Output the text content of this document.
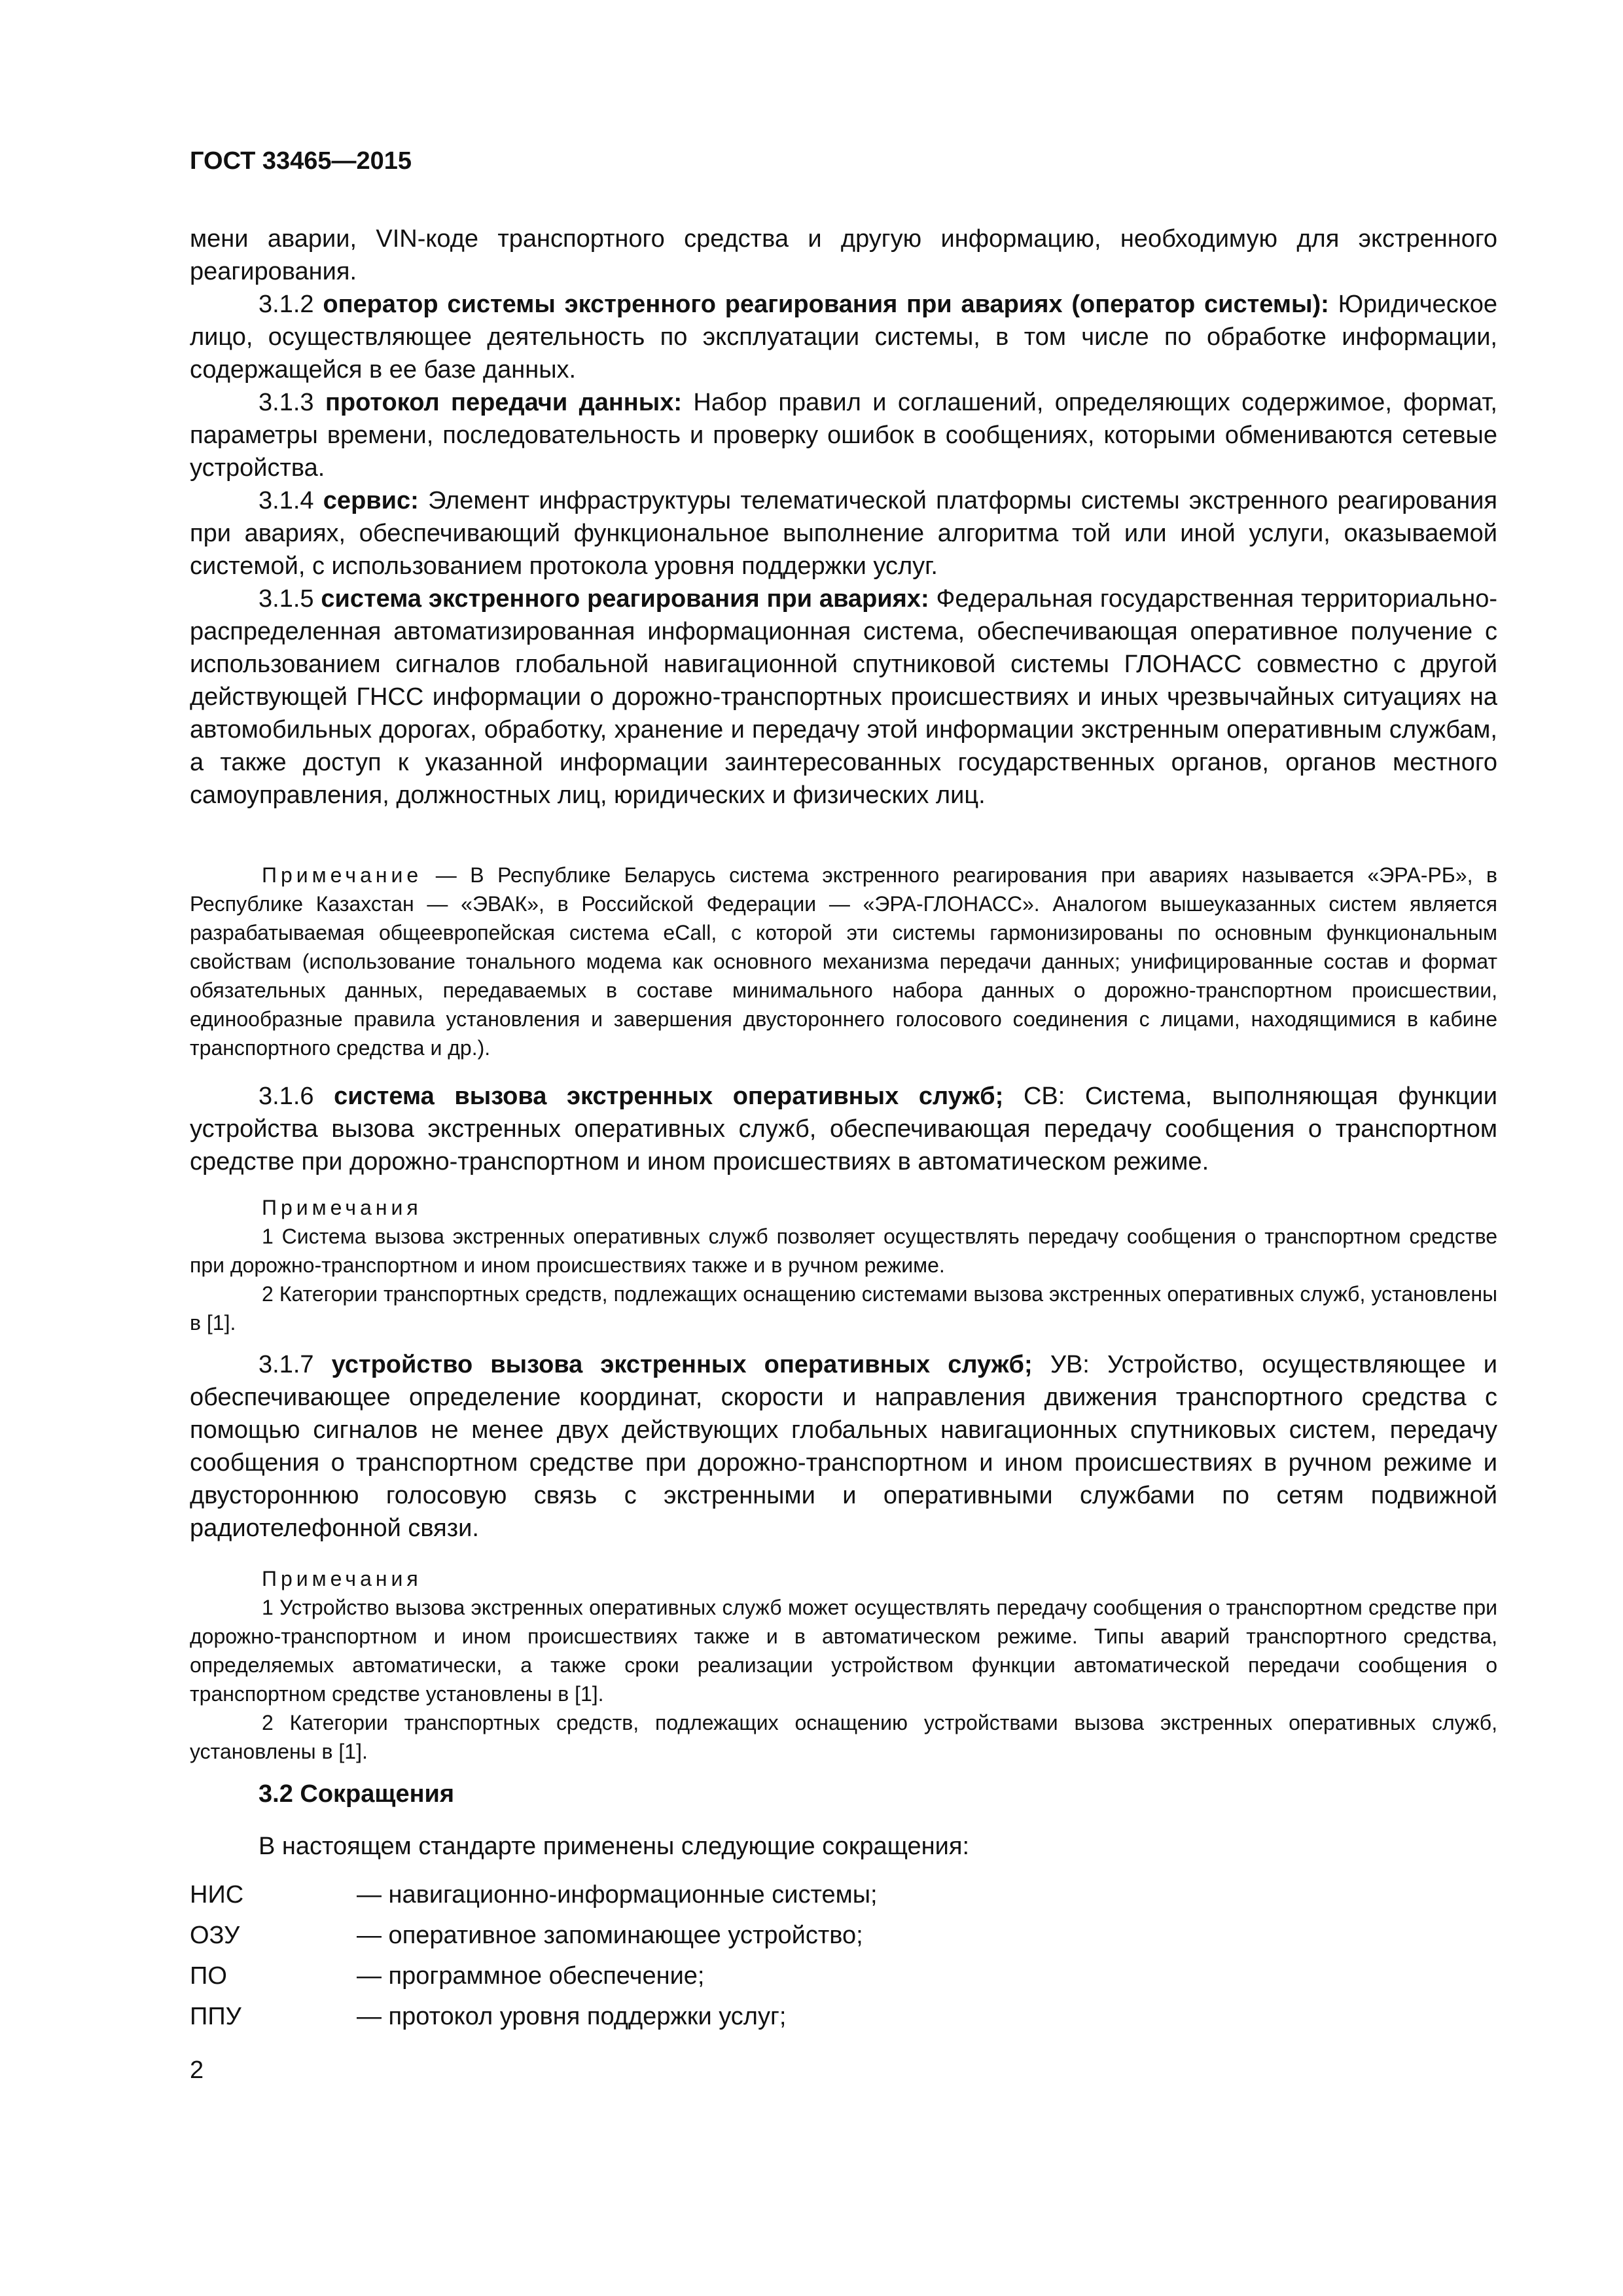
ГОСТ 33465—2015

мени аварии, VIN-коде транспортного средства и другую информацию, необходимую для экстренного реагирования.

3.1.2 оператор системы экстренного реагирования при авариях (оператор системы): Юридическое лицо, осуществляющее деятельность по эксплуатации системы, в том числе по обработке информации, содержащейся в ее базе данных.

3.1.3 протокол передачи данных: Набор правил и соглашений, определяющих содержимое, формат, параметры времени, последовательность и проверку ошибок в сообщениях, которыми обмениваются сетевые устройства.

3.1.4 сервис: Элемент инфраструктуры телематической платформы системы экстренного реагирования при авариях, обеспечивающий функциональное выполнение алгоритма той или иной услуги, оказываемой системой, с использованием протокола уровня поддержки услуг.

3.1.5 система экстренного реагирования при авариях: Федеральная государственная территориально-распределенная автоматизированная информационная система, обеспечивающая оперативное получение с использованием сигналов глобальной навигационной спутниковой системы ГЛОНАСС совместно с другой действующей ГНСС информации о дорожно-транспортных происшествиях и иных чрезвычайных ситуациях на автомобильных дорогах, обработку, хранение и передачу этой информации экстренным оперативным службам, а также доступ к указанной информации заинтересованных государственных органов, органов местного самоуправления, должностных лиц, юридических и физических лиц.

Примечание — В Республике Беларусь система экстренного реагирования при авариях называется «ЭРА-РБ», в Республике Казахстан — «ЭВАК», в Российской Федерации — «ЭРА-ГЛОНАСС». Аналогом вышеуказанных систем является разрабатываемая общеевропейская система eCall, с которой эти системы гармонизированы по основным функциональным свойствам (использование тонального модема как основного механизма передачи данных; унифицированные состав и формат обязательных данных, передаваемых в составе минимального набора данных о дорожно-транспортном происшествии, единообразные правила установления и завершения двустороннего голосового соединения с лицами, находящимися в кабине транспортного средства и др.).

3.1.6 система вызова экстренных оперативных служб; СВ: Система, выполняющая функции устройства вызова экстренных оперативных служб, обеспечивающая передачу сообщения о транспортном средстве при дорожно-транспортном и ином происшествиях в автоматическом режиме.

Примечания

1 Система вызова экстренных оперативных служб позволяет осуществлять передачу сообщения о транспортном средстве при дорожно-транспортном и ином происшествиях также и в ручном режиме.

2 Категории транспортных средств, подлежащих оснащению системами вызова экстренных оперативных служб, установлены в [1].

3.1.7 устройство вызова экстренных оперативных служб; УВ: Устройство, осуществляющее и обеспечивающее определение координат, скорости и направления движения транспортного средства с помощью сигналов не менее двух действующих глобальных навигационных спутниковых систем, передачу сообщения о транспортном средстве при дорожно-транспортном и ином происшествиях в ручном режиме и двустороннюю голосовую связь с экстренными и оперативными службами по сетям подвижной радиотелефонной связи.

Примечания

1 Устройство вызова экстренных оперативных служб может осуществлять передачу сообщения о транспортном средстве при дорожно-транспортном и ином происшествиях также и в автоматическом режиме. Типы аварий транспортного средства, определяемых автоматически, а также сроки реализации устройством функции автоматической передачи сообщения о транспортном средстве установлены в [1].

2 Категории транспортных средств, подлежащих оснащению устройствами вызова экстренных оперативных служб, установлены в [1].

3.2 Сокращения
В настоящем стандарте применены следующие сокращения:
НИС	— навигационно-информационные системы;
ОЗУ	— оперативное запоминающее устройство;
ПО	— программное обеспечение;
ППУ	— протокол уровня поддержки услуг;
2
